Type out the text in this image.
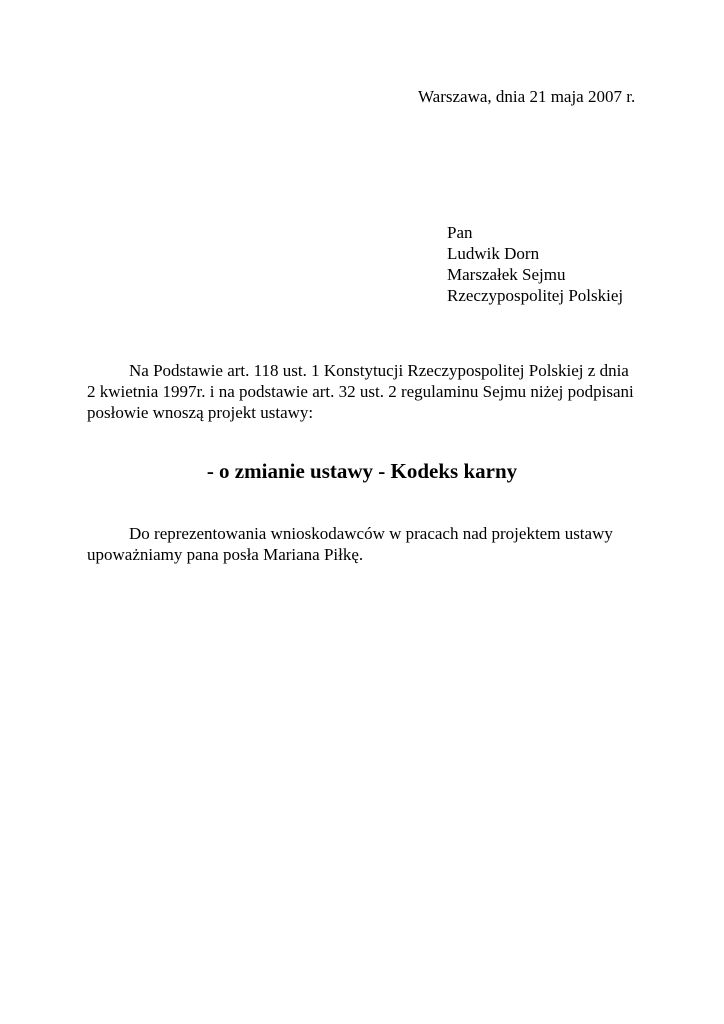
Warszawa, dnia 21 maja 2007 r.
Pan
Ludwik Dorn
Marszałek Sejmu
Rzeczypospolitej Polskiej
Na Podstawie art. 118 ust. 1 Konstytucji Rzeczypospolitej Polskiej z dnia
2 kwietnia 1997r. i na podstawie art. 32 ust. 2 regulaminu Sejmu niżej podpisani
posłowie wnoszą projekt ustawy:
- o zmianie ustawy - Kodeks karny
Do reprezentowania wnioskodawców w pracach nad projektem ustawy
upoważniamy pana posła Mariana Piłkę.
